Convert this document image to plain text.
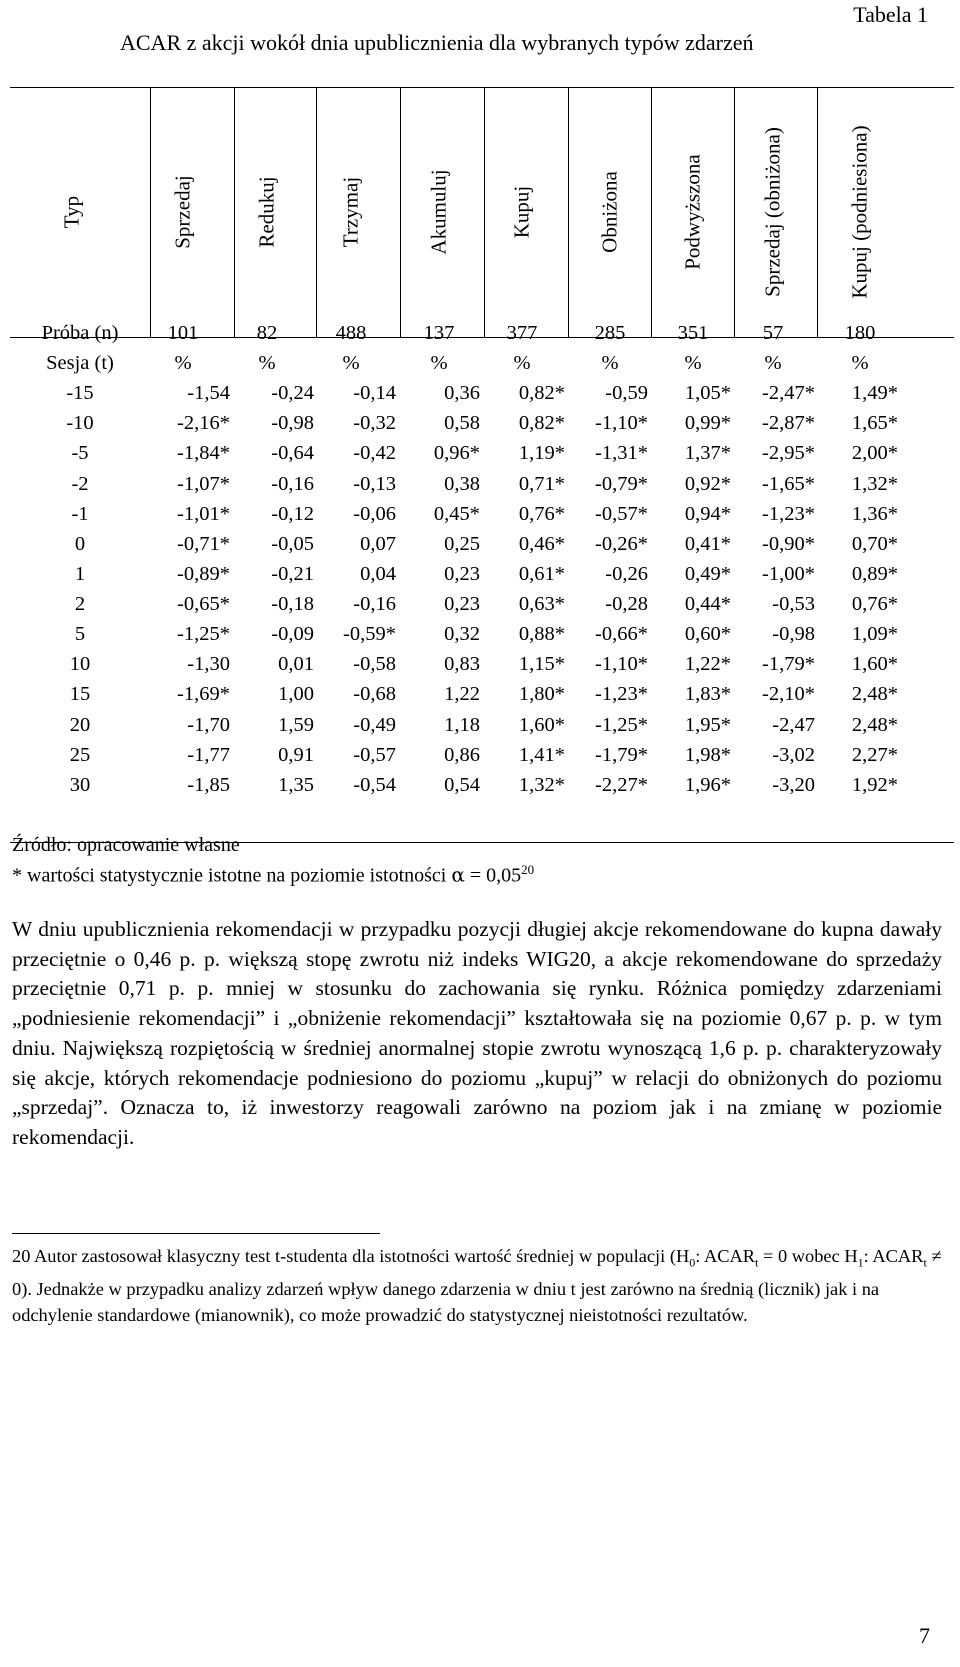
Tabela 1
ACAR z akcji wokół dnia upublicznienia dla wybranych typów zdarzeń
Typ	Sprzedaj	Redukuj	Trzymaj	Akumuluj	Kupuj	Obniżona	Podwyższona	Sprzedaj (obniżona)	Kupuj (podniesiona)
Próba (n)	101	82	488	137	377	285	351	57	180
Sesja (t)	%	%	%	%	%	%	%	%	%
-15	-1,54	-0,24	-0,14	0,36	0,82*	-0,59	1,05*	-2,47*	1,49*
-10	-2,16*	-0,98	-0,32	0,58	0,82*	-1,10*	0,99*	-2,87*	1,65*
-5	-1,84*	-0,64	-0,42	0,96*	1,19*	-1,31*	1,37*	-2,95*	2,00*
-2	-1,07*	-0,16	-0,13	0,38	0,71*	-0,79*	0,92*	-1,65*	1,32*
-1	-1,01*	-0,12	-0,06	0,45*	0,76*	-0,57*	0,94*	-1,23*	1,36*
0	-0,71*	-0,05	0,07	0,25	0,46*	-0,26*	0,41*	-0,90*	0,70*
1	-0,89*	-0,21	0,04	0,23	0,61*	-0,26	0,49*	-1,00*	0,89*
2	-0,65*	-0,18	-0,16	0,23	0,63*	-0,28	0,44*	-0,53	0,76*
5	-1,25*	-0,09	-0,59*	0,32	0,88*	-0,66*	0,60*	-0,98	1,09*
10	-1,30	0,01	-0,58	0,83	1,15*	-1,10*	1,22*	-1,79*	1,60*
15	-1,69*	1,00	-0,68	1,22	1,80*	-1,23*	1,83*	-2,10*	2,48*
20	-1,70	1,59	-0,49	1,18	1,60*	-1,25*	1,95*	-2,47	2,48*
25	-1,77	0,91	-0,57	0,86	1,41*	-1,79*	1,98*	-3,02	2,27*
30	-1,85	1,35	-0,54	0,54	1,32*	-2,27*	1,96*	-3,20	1,92*
Źródło: opracowanie własne
* wartości statystycznie istotne na poziomie istotności $\alpha = 0,05^{20}$
W dniu upublicznienia rekomendacji w przypadku pozycji długiej akcje rekomendowane do kupna dawały przeciętnie o 0,46 p. p. większą stopę zwrotu niż indeks WIG20, a akcje rekomendowane do sprzedaży przeciętnie 0,71 p. p. mniej w stosunku do zachowania się rynku. Różnica pomiędzy zdarzeniami „podniesienie rekomendacji” i „obniżenie rekomendacji” kształtowała się na poziomie 0,67 p. p. w tym dniu. Największą rozpiętością w średniej anormalnej stopie zwrotu wynoszącą 1,6 p. p. charakteryzowały się akcje, których rekomendacje podniesiono do poziomu „kupuj” w relacji do obniżonych do poziomu „sprzedaj”. Oznacza to, iż inwestorzy reagowali zarówno na poziom jak i na zmianę w poziomie rekomendacji.
20 Autor zastosował klasyczny test t-studenta dla istotności wartość średniej w populacji ($H_0$: $ACAR_t = 0$ wobec $H_1$: $ACAR_t \ne 0$). Jednakże w przypadku analizy zdarzeń wpływ danego zdarzenia w dniu t jest zarówno na średnią (licznik) jak i na odchylenie standardowe (mianownik), co może prowadzić do statystycznej nieistotności rezultatów.
7
